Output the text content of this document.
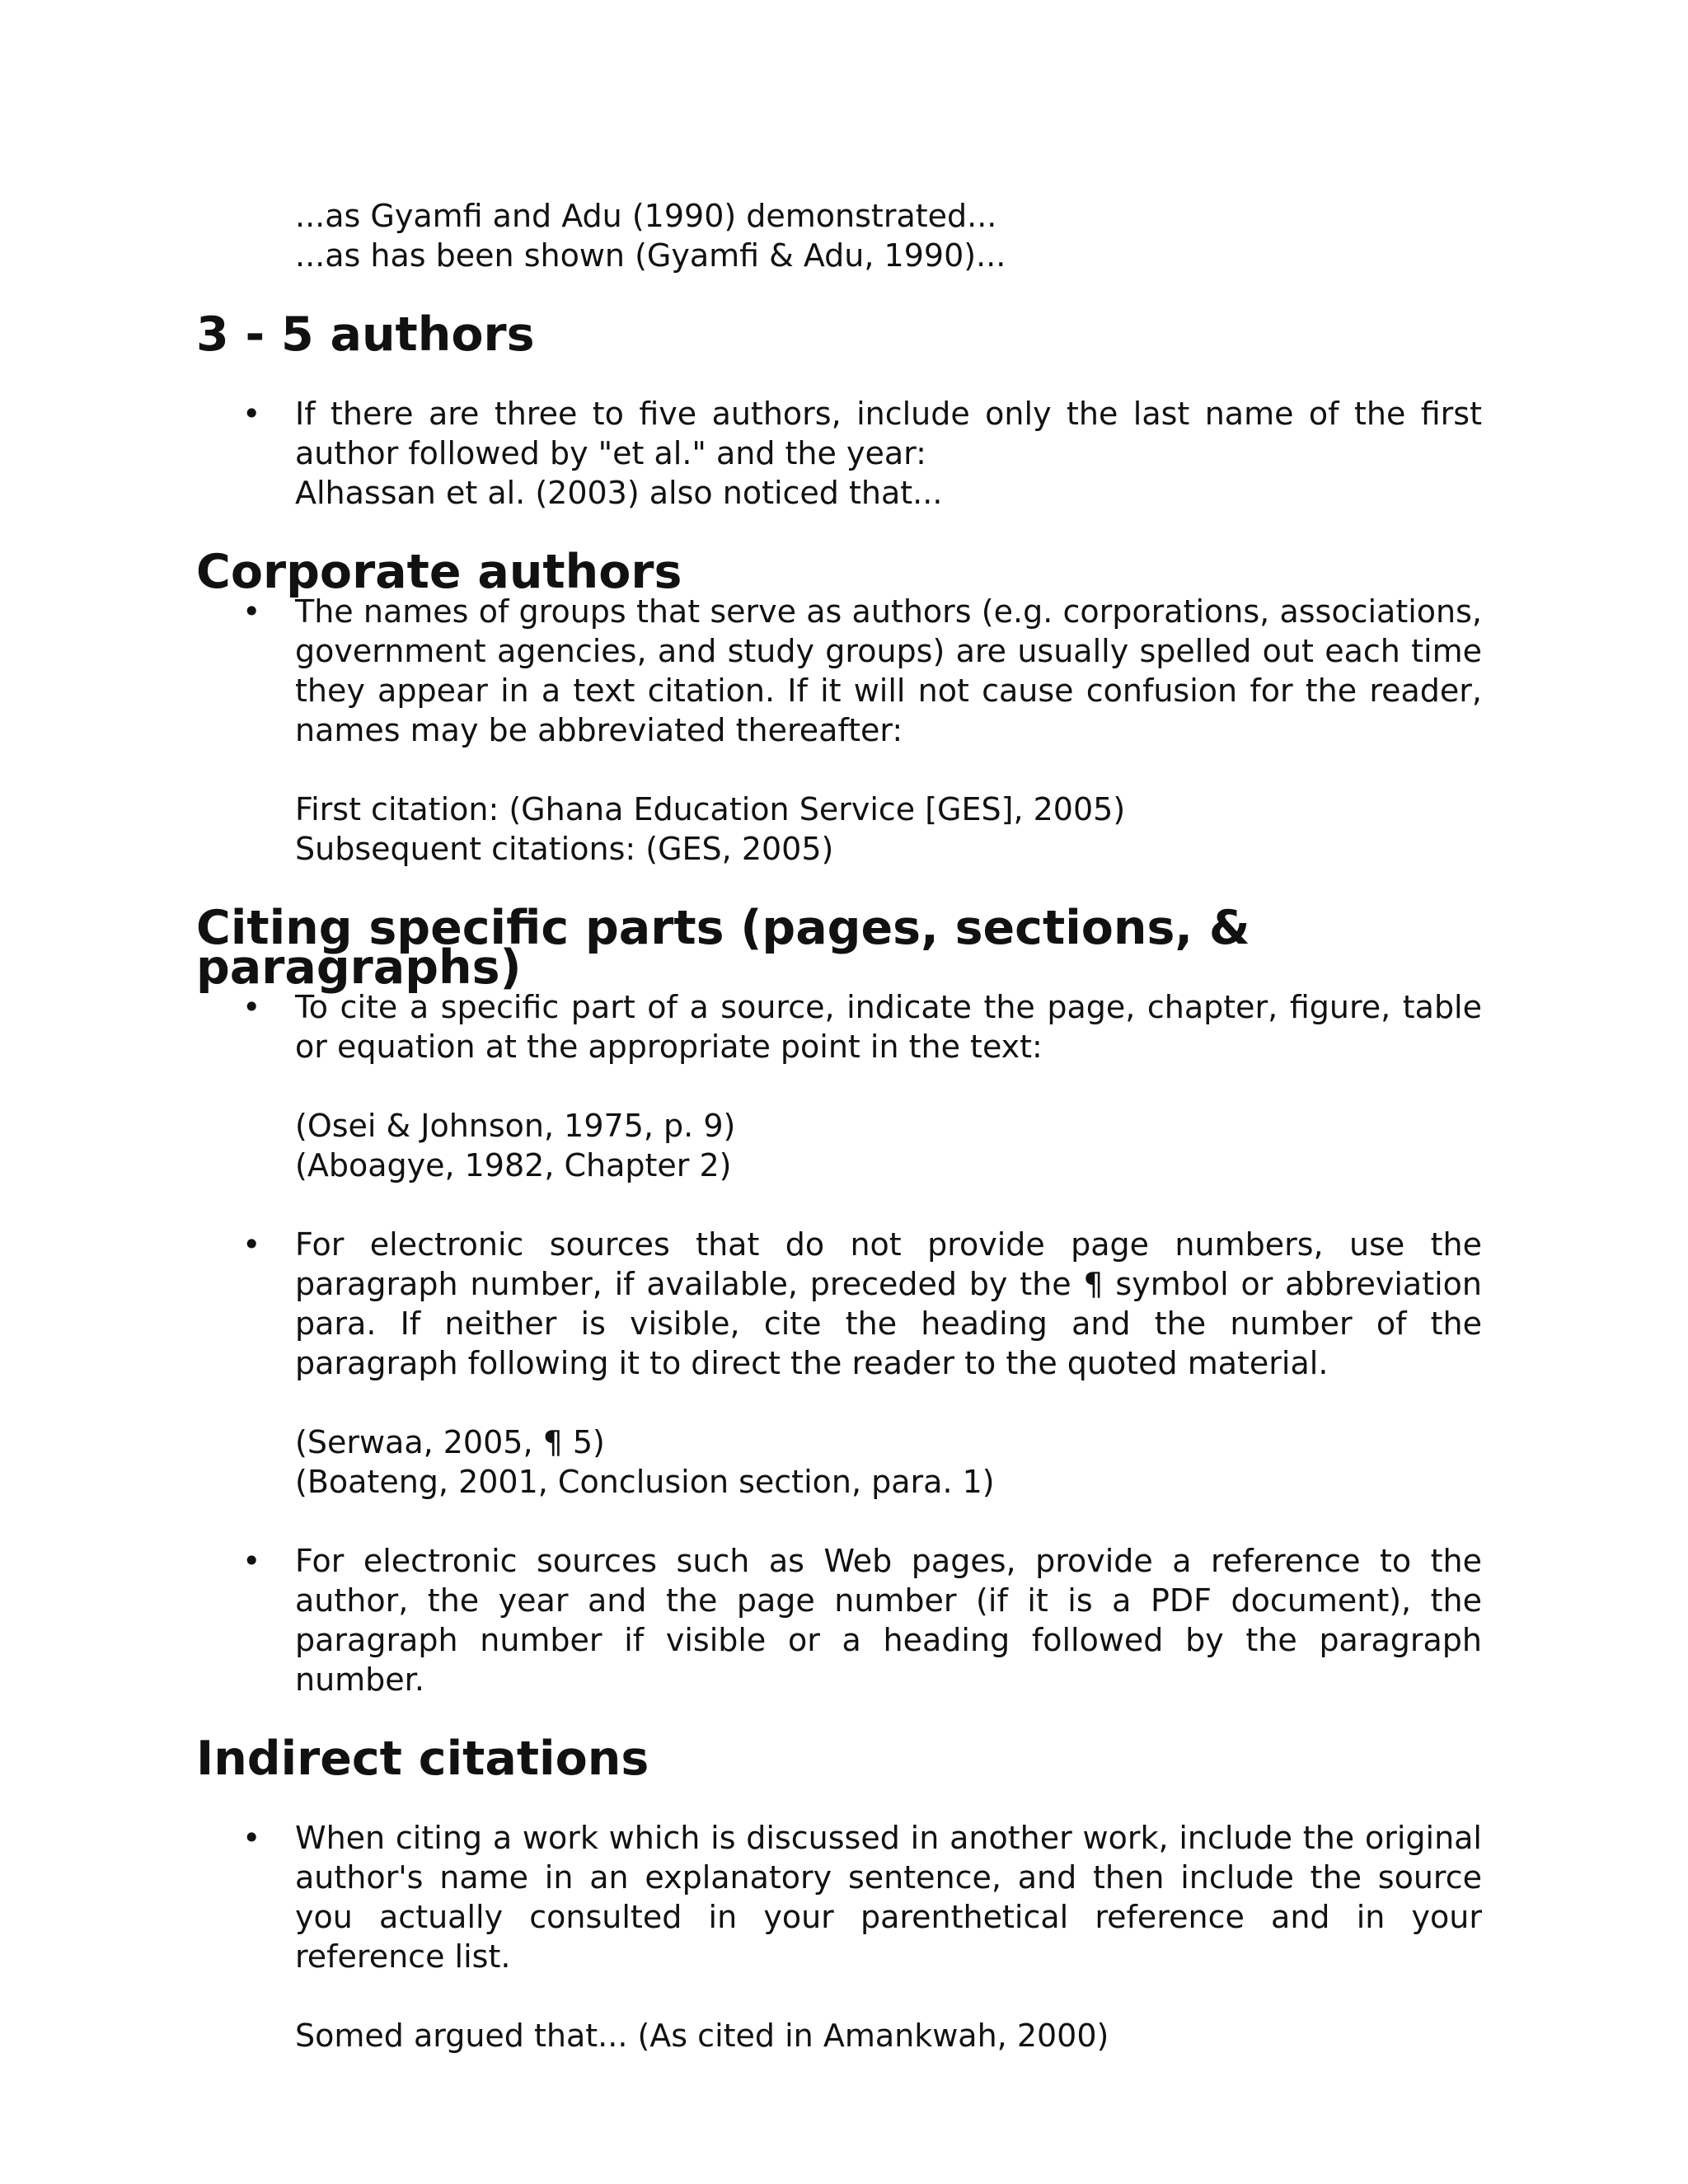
...as Gyamfi and Adu (1990) demonstrated...

...as has been shown (Gyamfi & Adu, 1990)...

3 - 5 authors
• If there are three to five authors, include only the last name of the first author followed by "et al." and the year:

Alhassan et al. (2003) also noticed that...

Corporate authors
• The names of groups that serve as authors (e.g. corporations, associations, government agencies, and study groups) are usually spelled out each time they appear in a text citation. If it will not cause confusion for the reader, names may be abbreviated thereafter:

First citation: (Ghana Education Service [GES], 2005)

Subsequent citations: (GES, 2005)

Citing specific parts (pages, sections, & paragraphs)
• To cite a specific part of a source, indicate the page, chapter, figure, table or equation at the appropriate point in the text:

(Osei & Johnson, 1975, p. 9)

(Aboagye, 1982, Chapter 2)

• For electronic sources that do not provide page numbers, use the paragraph number, if available, preceded by the ¶ symbol or abbreviation para. If neither is visible, cite the heading and the number of the paragraph following it to direct the reader to the quoted material.

(Serwaa, 2005, ¶ 5)

(Boateng, 2001, Conclusion section, para. 1)

• For electronic sources such as Web pages, provide a reference to the author, the year and the page number (if it is a PDF document), the paragraph number if visible or a heading followed by the paragraph number.

Indirect citations
• When citing a work which is discussed in another work, include the original author's name in an explanatory sentence, and then include the source you actually consulted in your parenthetical reference and in your reference list.

Somed argued that... (As cited in Amankwah, 2000)
